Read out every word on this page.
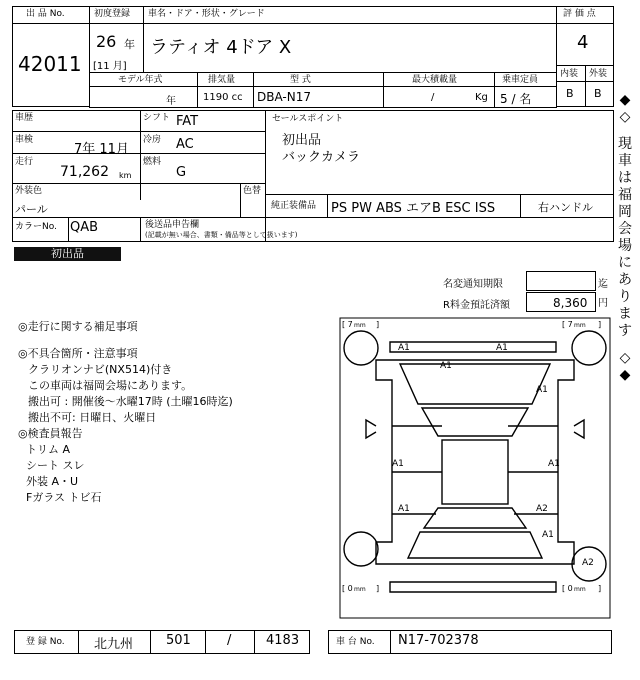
出 品 No.
42011
初度登録
26 年
[11 月]
車名・ドア・形状・グレード
ラティオ 4ドア X
評 価 点
4
内装 外装
B B
モデル年式	排気量	型 式	最大積載量	乗車定員
年	1190 cc DBA-N17	/	Kg 5 / 名
車歴	シフト FAT
車検
7年 11月
冷房 AC
走行
71,262 km
燃料
G
外装色
パール
色替
カラーNo. QAB	後送品申告欄
(記載が無い場合、書類・備品等として扱います)
セールスポイント
初出品
バックカメラ
純正装備品 PS PW ABS エアB ESC ISS	右ハンドル
初出品
名変通知期限	迄
R料金預託済額	8,360 円
◎走行に関する補足事項
◎不具合箇所・注意事項
クラリオンナビ(NX514)付き
この車両は福岡会場にあります。
搬出可 : 開催後～水曜17時 (土曜16時迄)
搬出不可: 日曜日、火曜日
◎検査員報告
トリム A
シート スレ
外装 A・U
Fガラス トビ石
[ 7 mm ]	[ 7 mm ]
[ 0 mm ]	[ 0 mm ]
A1	A1
A1
A1
A1	A1
A1	A2
A1
A2
◆
◇
現
車
は
福
岡
会
場
に
あ
り
ま
す
◇
◆
登 録 No. 北九州	501	/	4183	車 台 No. N17-702378
